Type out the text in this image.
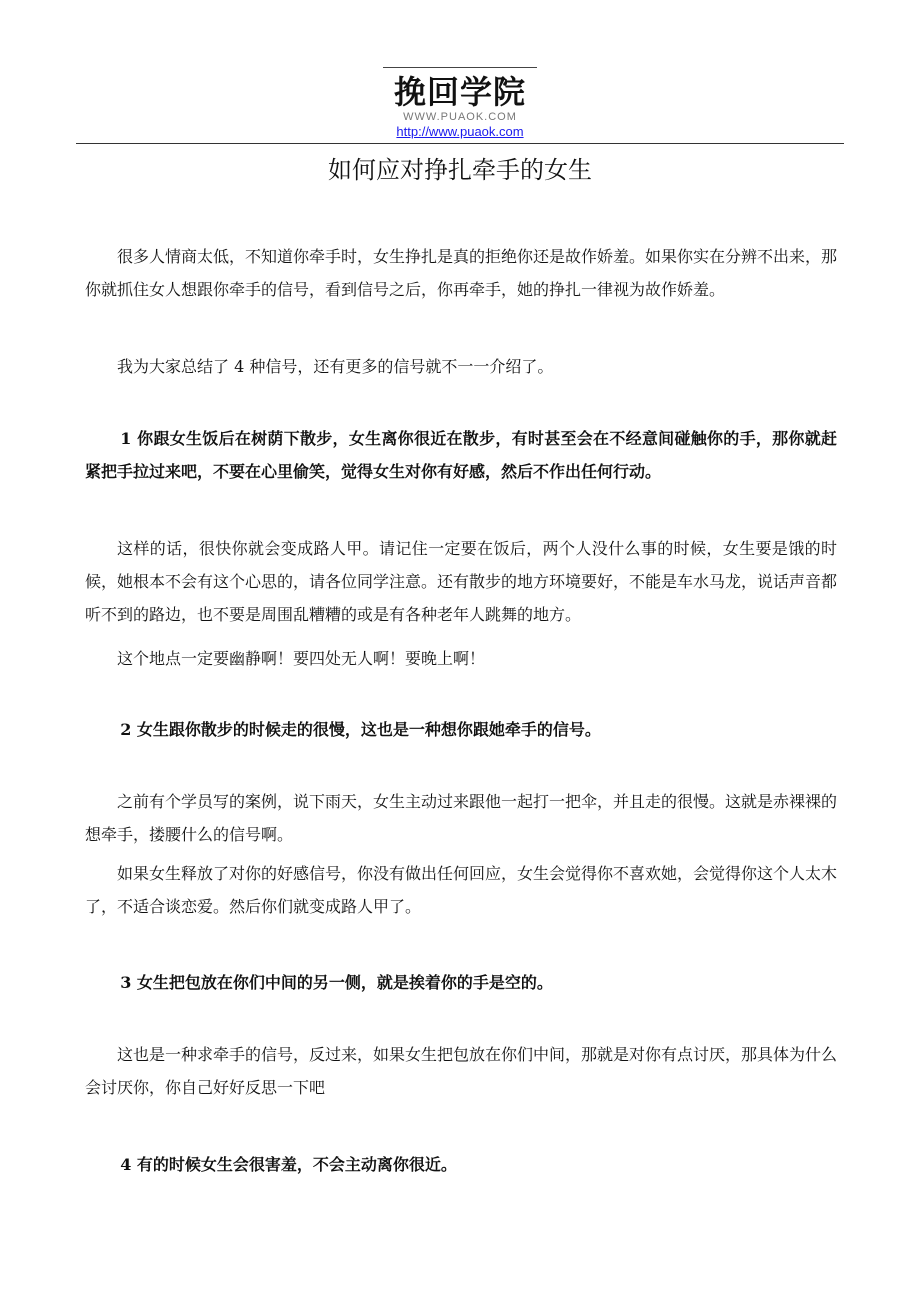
挽回学院
WWW.PUAOK.COM
http://www.puaok.com
如何应对挣扎牵手的女生

很多人情商太低，不知道你牵手时，女生挣扎是真的拒绝你还是故作娇羞。如果你实在分辨不出来，那你就抓住女人想跟你牵手的信号，看到信号之后，你再牵手，她的挣扎一律视为故作娇羞。

我为大家总结了 4 种信号，还有更多的信号就不一一介绍了。

1 你跟女生饭后在树荫下散步，女生离你很近在散步，有时甚至会在不经意间碰触你的手，那你就赶紧把手拉过来吧，不要在心里偷笑，觉得女生对你有好感，然后不作出任何行动。

这样的话，很快你就会变成路人甲。请记住一定要在饭后，两个人没什么事的时候，女生要是饿的时候，她根本不会有这个心思的，请各位同学注意。还有散步的地方环境要好，不能是车水马龙，说话声音都听不到的路边，也不要是周围乱糟糟的或是有各种老年人跳舞的地方。

这个地点一定要幽静啊！要四处无人啊！要晚上啊！

2 女生跟你散步的时候走的很慢，这也是一种想你跟她牵手的信号。

之前有个学员写的案例，说下雨天，女生主动过来跟他一起打一把伞，并且走的很慢。这就是赤裸裸的想牵手，搂腰什么的信号啊。

如果女生释放了对你的好感信号，你没有做出任何回应，女生会觉得你不喜欢她，会觉得你这个人太木了，不适合谈恋爱。然后你们就变成路人甲了。

3 女生把包放在你们中间的另一侧，就是挨着你的手是空的。

这也是一种求牵手的信号，反过来，如果女生把包放在你们中间，那就是对你有点讨厌，那具体为什么会讨厌你，你自己好好反思一下吧

4 有的时候女生会很害羞，不会主动离你很近。
